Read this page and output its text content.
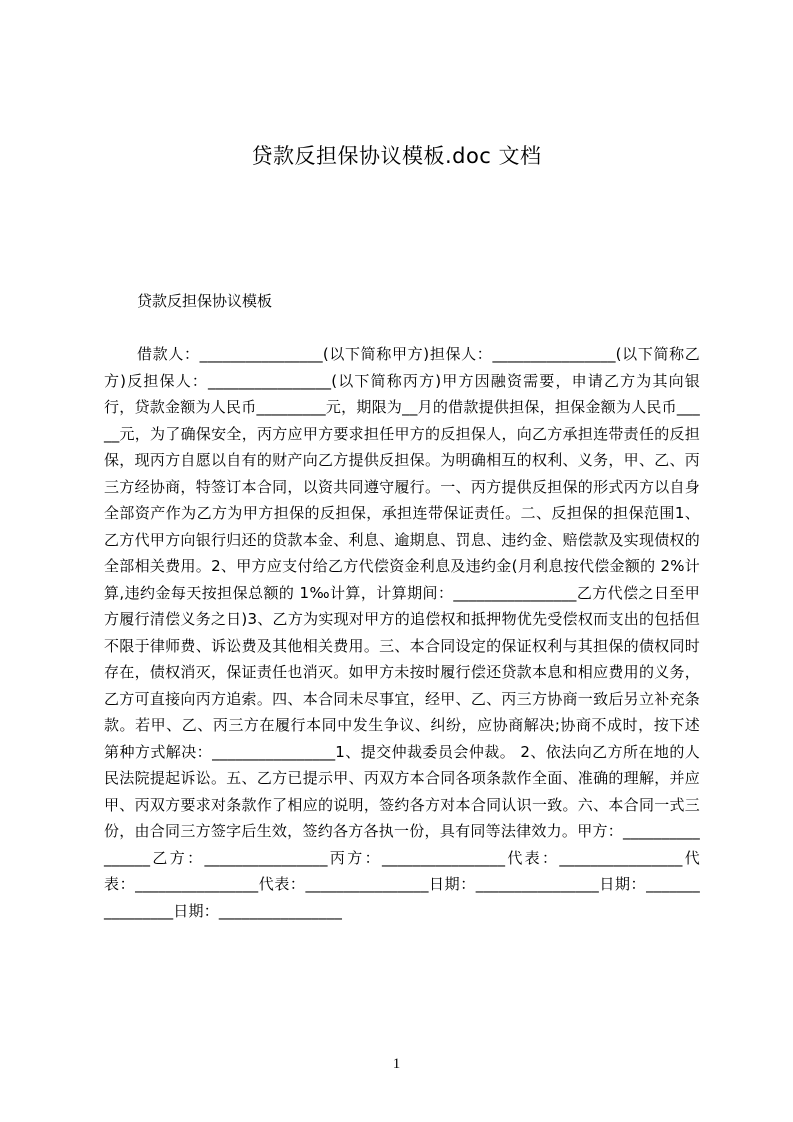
贷款反担保协议模板.doc 文档
贷款反担保协议模板
借款人：________________(以下简称甲方)担保人：________________(以下简称乙方)反担保人：________________(以下简称丙方)甲方因融资需要，申请乙方为其向银行，贷款金额为人民币_________元，期限为__月的借款提供担保，担保金额为人民币_____元，为了确保安全，丙方应甲方要求担任甲方的反担保人，向乙方承担连带责任的反担保，现丙方自愿以自有的财产向乙方提供反担保。为明确相互的权利、义务，甲、乙、丙三方经协商，特签订本合同，以资共同遵守履行。一、丙方提供反担保的形式丙方以自身全部资产作为乙方为甲方担保的反担保，承担连带保证责任。二、反担保的担保范围1、乙方代甲方向银行归还的贷款本金、利息、逾期息、罚息、违约金、赔偿款及实现债权的全部相关费用。2、甲方应支付给乙方代偿资金利息及违约金(月利息按代偿金额的 2%计算,违约金每天按担保总额的 1‰计算，计算期间：________________乙方代偿之日至甲方履行清偿义务之日)3、乙方为实现对甲方的追偿权和抵押物优先受偿权而支出的包括但不限于律师费、诉讼费及其他相关费用。三、本合同设定的保证权利与其担保的债权同时存在，债权消灭，保证责任也消灭。如甲方未按时履行偿还贷款本息和相应费用的义务，乙方可直接向丙方追索。四、本合同未尽事宜，经甲、乙、丙三方协商一致后另立补充条款。若甲、乙、丙三方在履行本同中发生争议、纠纷，应协商解决;协商不成时，按下述第种方式解决：________________1、提交仲裁委员会仲裁。 2、依法向乙方所在地的人民法院提起诉讼。五、乙方已提示甲、丙双方本合同各项条款作全面、准确的理解，并应甲、丙双方要求对条款作了相应的说明，签约各方对本合同认识一致。六、本合同一式三份，由合同三方签字后生效，签约各方各执一份，具有同等法律效力。甲方：________________乙方：________________丙方：________________代表：________________代表：________________代表：________________日期：________________日期：________________日期：________________
1
